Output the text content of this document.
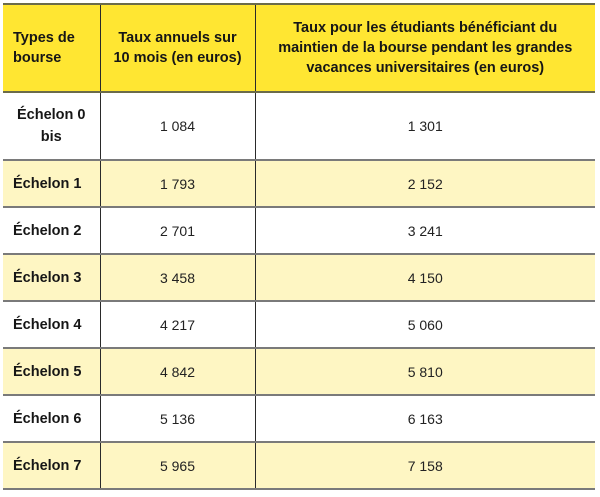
Types de bourse	Taux annuels sur 10 mois (en euros)	Taux pour les étudiants bénéficiant du maintien de la bourse pendant les grandes vacances universitaires (en euros)
Échelon 0 bis	1 084	1 301
Échelon 1	1 793	2 152
Échelon 2	2 701	3 241
Échelon 3	3 458	4 150
Échelon 4	4 217	5 060
Échelon 5	4 842	5 810
Échelon 6	5 136	6 163
Échelon 7	5 965	7 158
